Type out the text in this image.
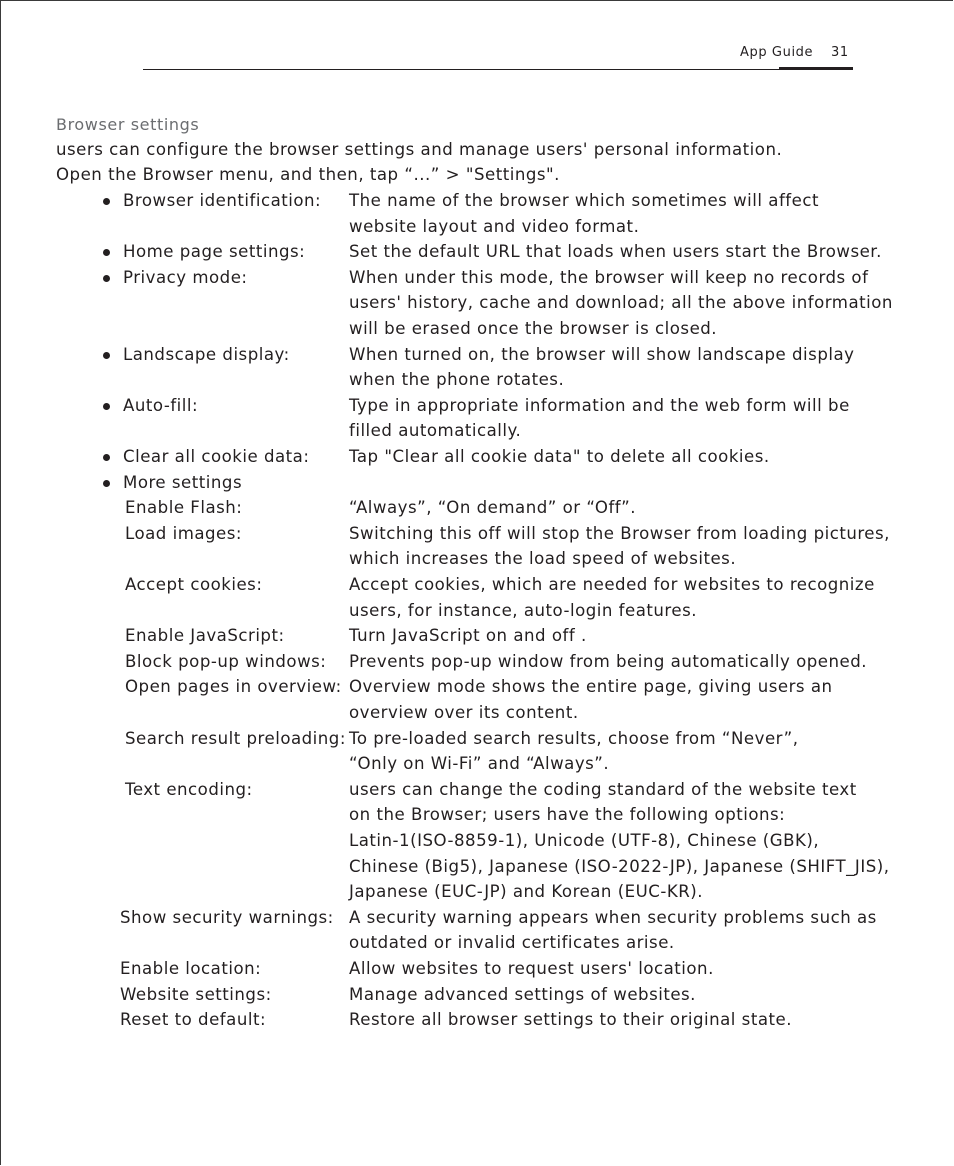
App Guide 31
Browser settings
users can configure the browser settings and manage users' personal information.
Open the Browser menu, and then, tap “...” > "Settings".
Browser identification: The name of the browser which sometimes will affect
website layout and video format.
Home page settings:	Set the default URL that loads when users start the Browser.
Privacy mode:	When under this mode, the browser will keep no records of
users' history, cache and download; all the above information
will be erased once the browser is closed.
Landscape display:	When turned on, the browser will show landscape display
when the phone rotates.
Auto-fill:	Type in appropriate information and the web form will be
filled automatically.
Clear all cookie data: Tap "Clear all cookie data" to delete all cookies.
More settings
Enable Flash:	“Always”, “On demand” or “Off”.
Load images:	Switching this off will stop the Browser from loading pictures,
which increases the load speed of websites.
Accept cookies:	Accept cookies, which are needed for websites to recognize
users, for instance, auto-login features.
Enable JavaScript:	Turn JavaScript on and off .
Block pop-up windows: Prevents pop-up window from being automatically opened.
Open pages in overview: Overview mode shows the entire page, giving users an
overview over its content.
Search result preloading: To pre-loaded search results, choose from “Never”,
“Only on Wi-Fi” and “Always”.
Text encoding:	users can change the coding standard of the website text
on the Browser; users have the following options:
Latin-1(ISO-8859-1), Unicode (UTF-8), Chinese (GBK),
Chinese (Big5), Japanese (ISO-2022-JP), Japanese (SHIFT_JIS),
Japanese (EUC-JP) and Korean (EUC-KR).
Show security warnings: A security warning appears when security problems such as
outdated or invalid certificates arise.
Enable location:	Allow websites to request users' location.
Website settings:	Manage advanced settings of websites.
Reset to default:	Restore all browser settings to their original state.
